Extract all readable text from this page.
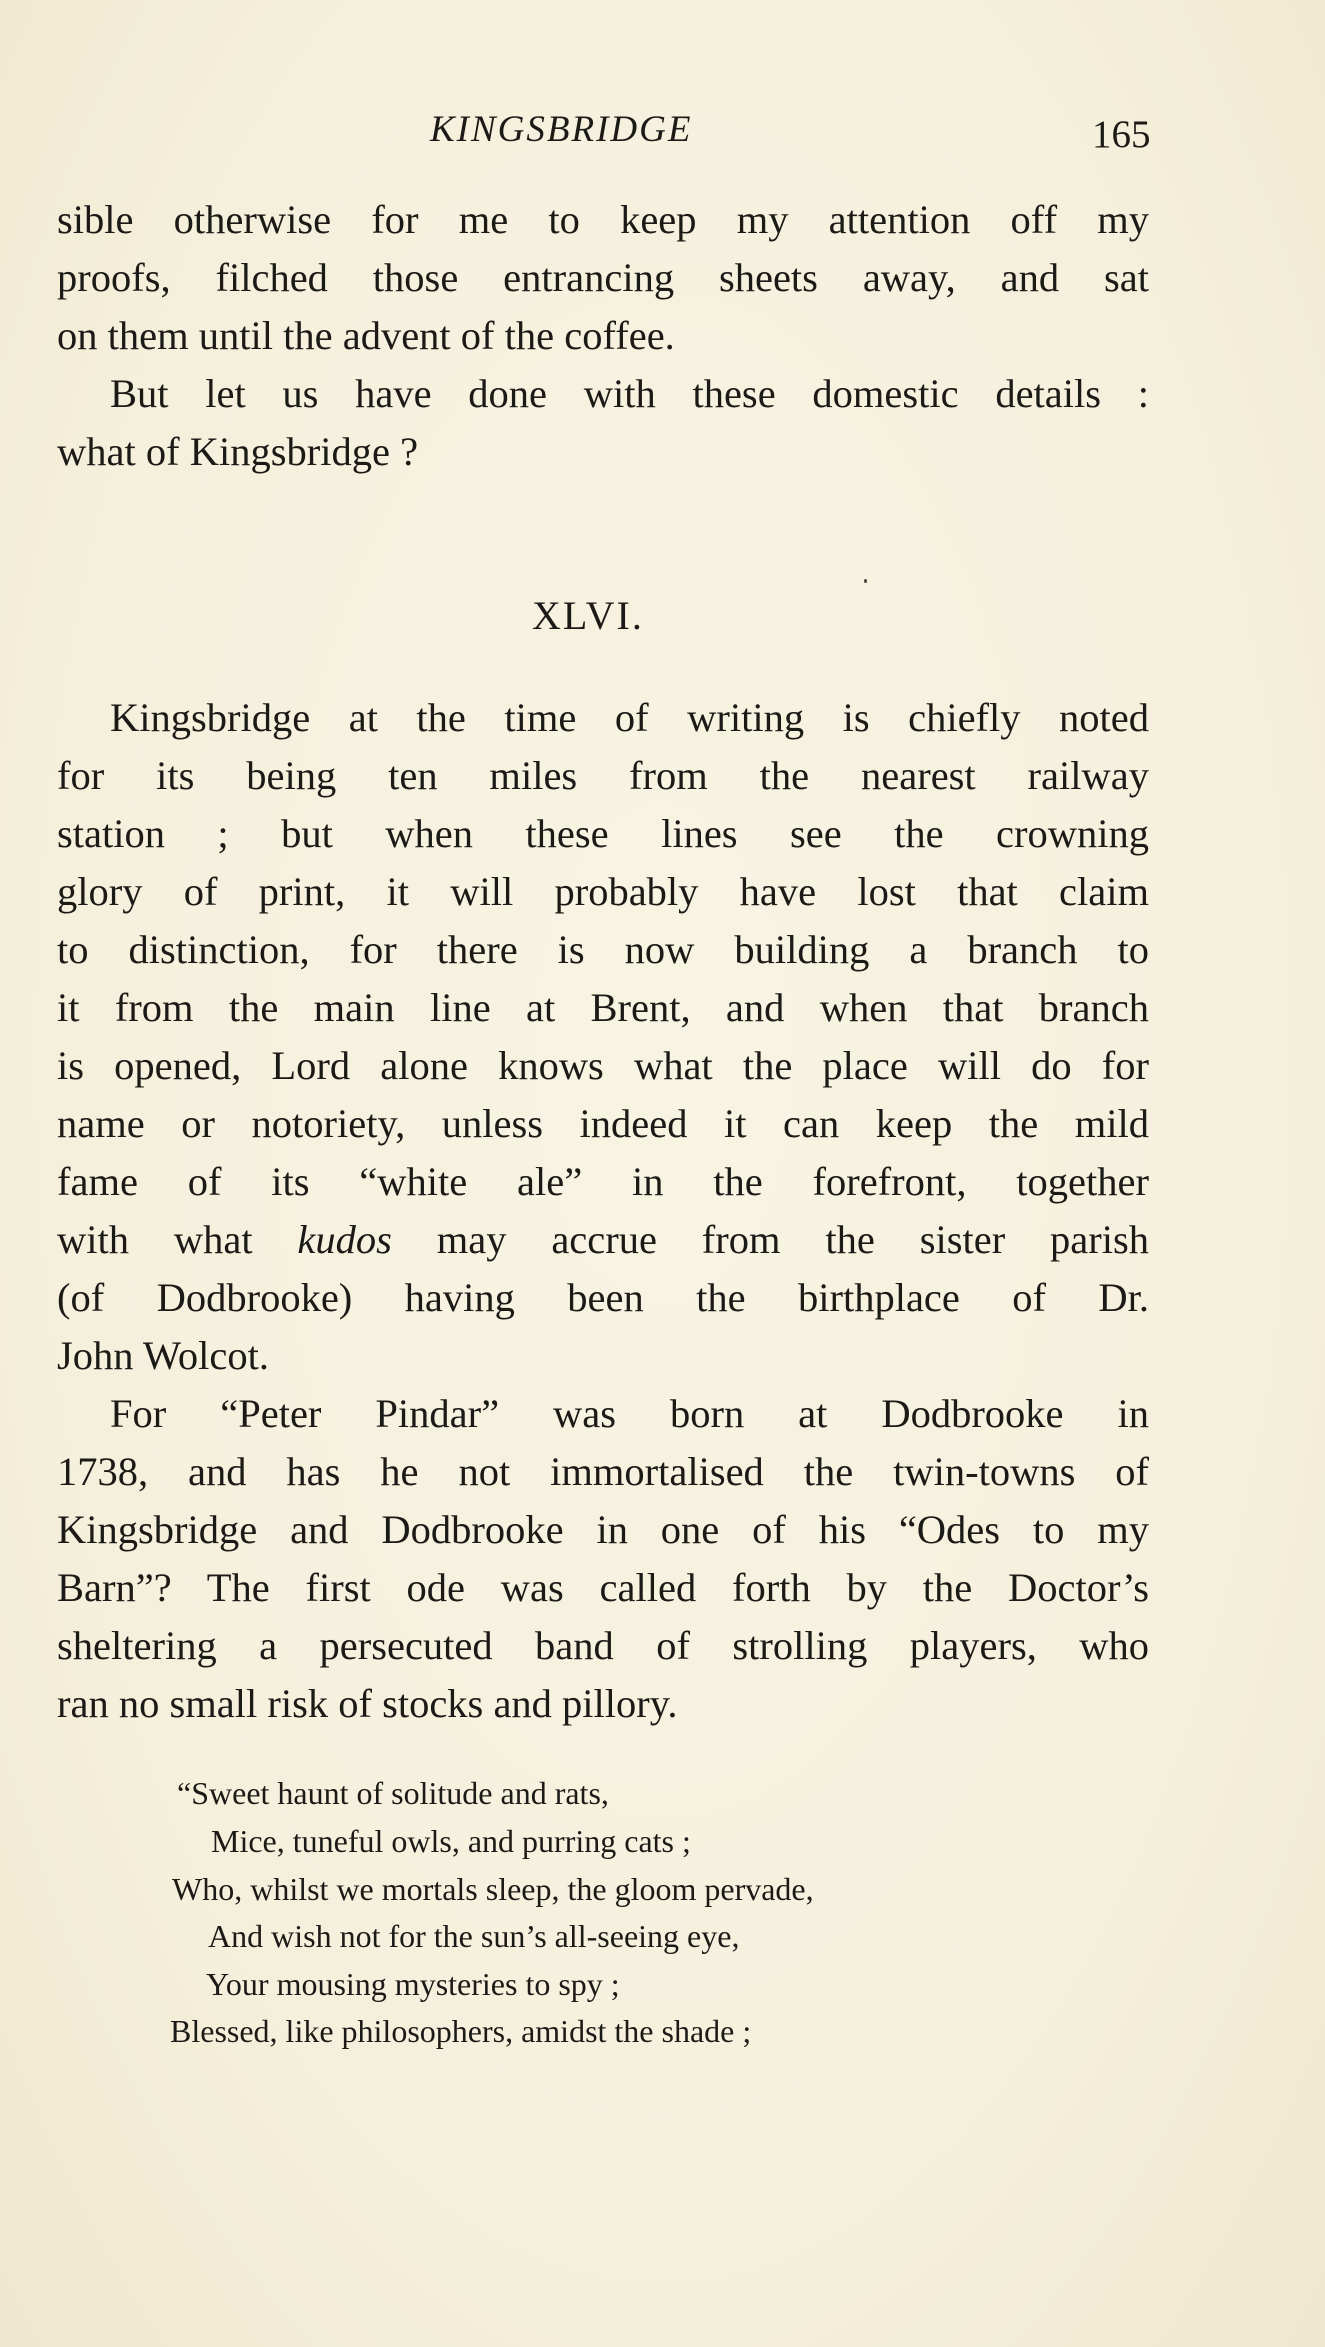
KINGSBRIDGE	165
sible otherwise for me to keep my attention off my
proofs, filched those entrancing sheets away, and sat
on them until the advent of the coffee.
But let us have done with these domestic details :
what of Kingsbridge ?
XLVI.
Kingsbridge at the time of writing is chiefly noted
for its being ten miles from the nearest railway
station ; but when these lines see the crowning
glory of print, it will probably have lost that claim
to distinction, for there is now building a branch to
it from the main line at Brent, and when that branch
is opened, Lord alone knows what the place will do for
name or notoriety, unless indeed it can keep the mild
fame of its “white ale” in the forefront, together
with what kudos may accrue from the sister parish
(of Dodbrooke) having been the birthplace of Dr.
John Wolcot.
For “Peter Pindar” was born at Dodbrooke in
1738, and has he not immortalised the twin-towns of
Kingsbridge and Dodbrooke in one of his “Odes to my
Barn”? The first ode was called forth by the Doctor’s
sheltering a persecuted band of strolling players, who
ran no small risk of stocks and pillory.
“Sweet haunt of solitude and rats,
Mice, tuneful owls, and purring cats ;
Who, whilst we mortals sleep, the gloom pervade,
And wish not for the sun’s all-seeing eye,
Your mousing mysteries to spy ;
Blessed, like philosophers, amidst the shade ;
